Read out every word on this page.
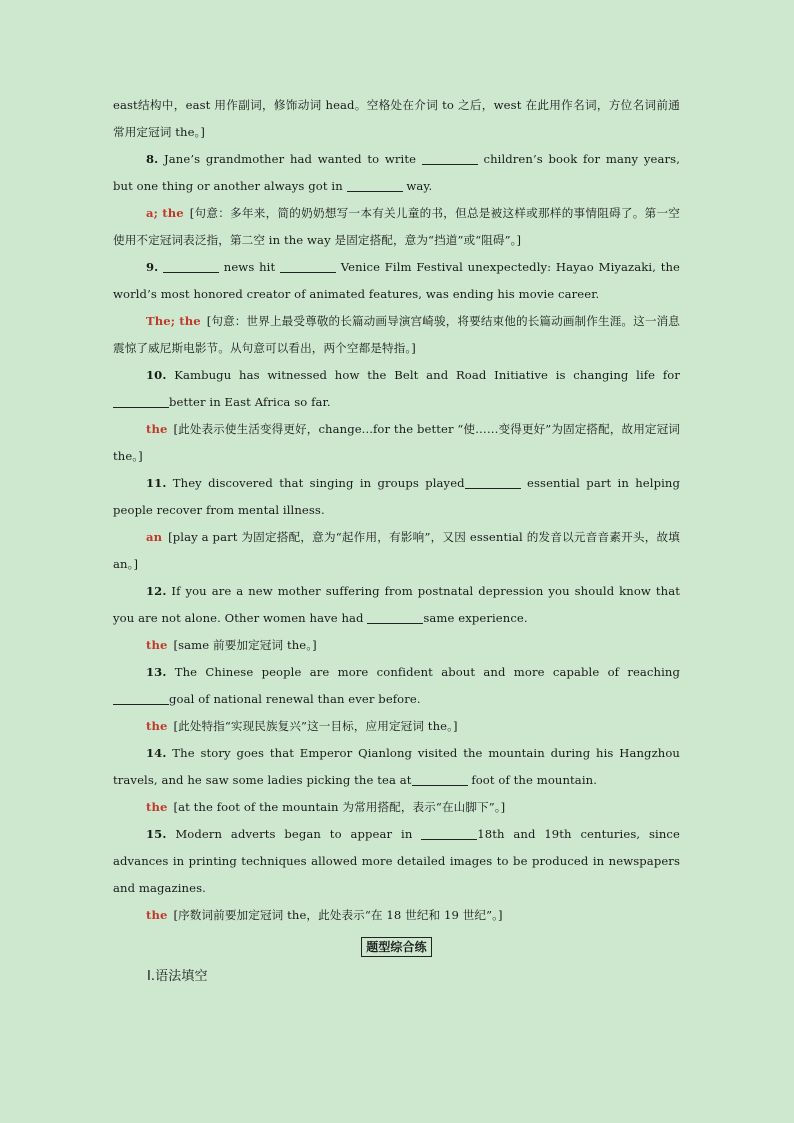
east结构中，east 用作副词，修饰动词 head。空格处在介词 to 之后，west 在此用作名词，方位名词前通常用定冠词 the。]

8. Jane’s grandmother had wanted to write	children’s book for many years, but one thing or another always got in	way.

a; the [句意：多年来，简的奶奶想写一本有关儿童的书，但总是被这样或那样的事情阻碍了。第一空使用不定冠词表泛指，第二空 in the way 是固定搭配，意为“挡道”或“阻碍”。]

9.	news hit	Venice Film Festival unexpectedly: Hayao Miyazaki, the world’s most honored creator of animated features, was ending his movie career.

The; the [句意：世界上最受尊敬的长篇动画导演宫崎骏，将要结束他的长篇动画制作生涯。这一消息震惊了威尼斯电影节。从句意可以看出，两个空都是特指。]

10. Kambugu has witnessed how the Belt and Road Initiative is changing life for better in East Africa so far.

the [此处表示使生活变得更好，change...for the better “使……变得更好”为固定搭配，故用定冠词 the。]

11. They discovered that singing in groups played	essential part in helping people recover from mental illness.

an [play a part 为固定搭配，意为“起作用，有影响”，又因 essential 的发音以元音音素开头，故填 an。]

12. If you are a new mother suffering from postnatal depression you should know that you are not alone. Other women have had	same experience.

the [same 前要加定冠词 the。]

13. The Chinese people are more confident about and more capable of reaching goal of national renewal than ever before.

the [此处特指“实现民族复兴”这一目标，应用定冠词 the。]

14. The story goes that Emperor Qianlong visited the mountain during his Hangzhou travels, and he saw some ladies picking the tea at	foot of the mountain.

the [at the foot of the mountain 为常用搭配，表示“在山脚下”。]

15. Modern adverts began to appear in	18th and 19th centuries, since advances in printing techniques allowed more detailed images to be produced in newspapers and magazines.

the [序数词前要加定冠词 the，此处表示“在 18 世纪和 19 世纪”。]

题型综合练
Ⅰ.语法填空
